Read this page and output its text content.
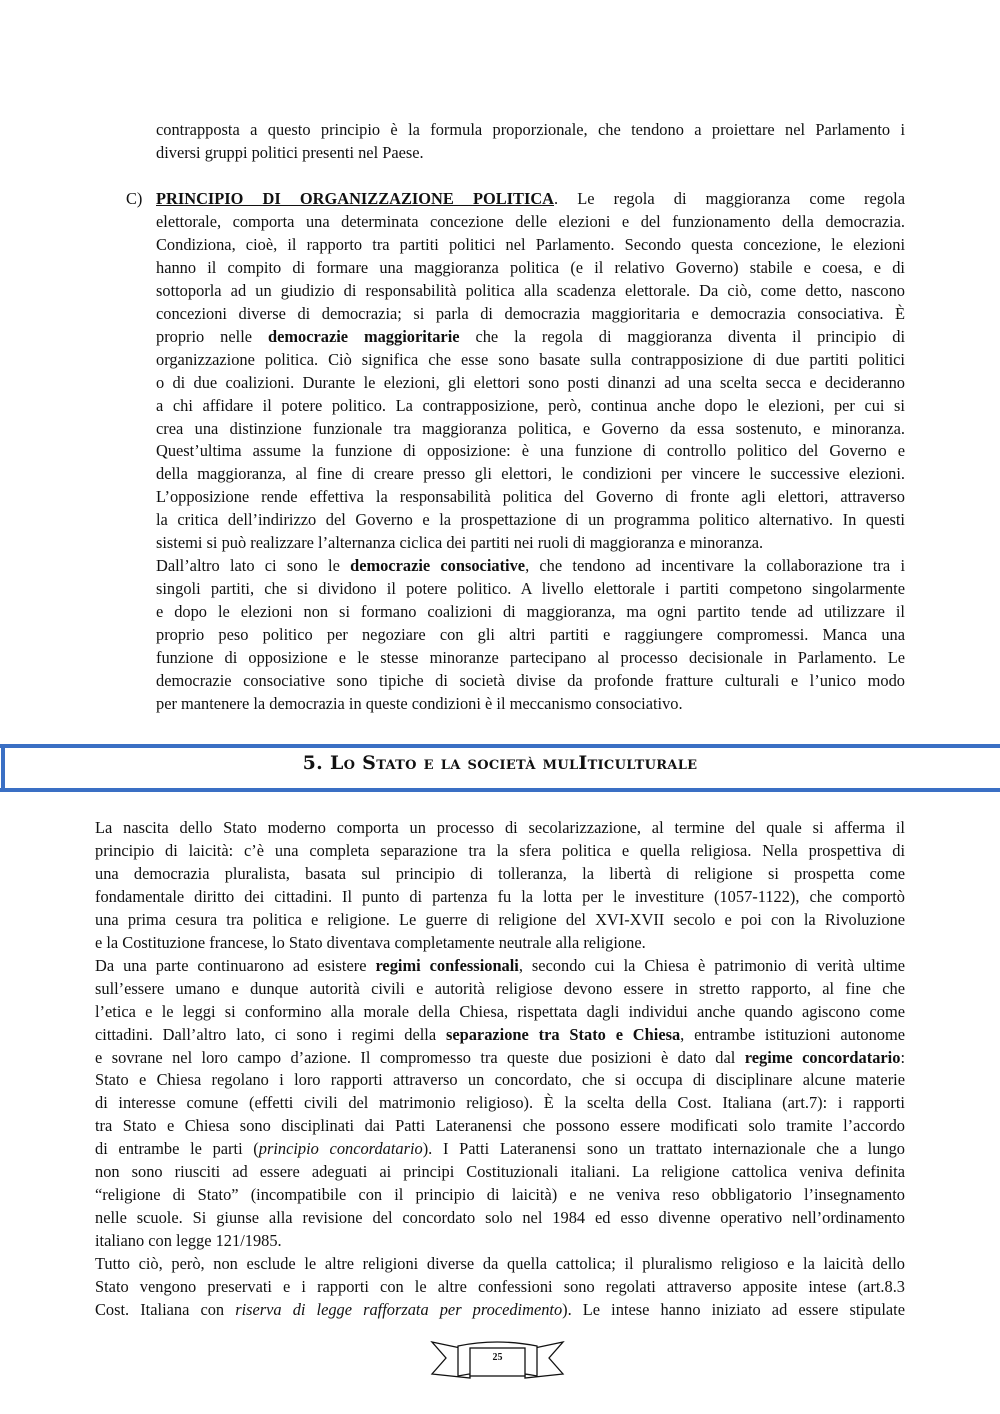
contrapposta a questo principio è la formula proporzionale, che tendono a proiettare nel Parlamento i
diversi gruppi politici presenti nel Paese.
C) PRINCIPIO DI ORGANIZZAZIONE POLITICA. Le regola di maggioranza come regola
elettorale, comporta una determinata concezione delle elezioni e del funzionamento della democrazia.
Condiziona, cioè, il rapporto tra partiti politici nel Parlamento. Secondo questa concezione, le elezioni
hanno il compito di formare una maggioranza politica (e il relativo Governo) stabile e coesa, e di
sottoporla ad un giudizio di responsabilità politica alla scadenza elettorale. Da ciò, come detto, nascono
concezioni diverse di democrazia; si parla di democrazia maggioritaria e democrazia consociativa. È
proprio nelle democrazie maggioritarie che la regola di maggioranza diventa il principio di
organizzazione politica. Ciò significa che esse sono basate sulla contrapposizione di due partiti politici
o di due coalizioni. Durante le elezioni, gli elettori sono posti dinanzi ad una scelta secca e decideranno
a chi affidare il potere politico. La contrapposizione, però, continua anche dopo le elezioni, per cui si
crea una distinzione funzionale tra maggioranza politica, e Governo da essa sostenuto, e minoranza.
Quest’ultima assume la funzione di opposizione: è una funzione di controllo politico del Governo e
della maggioranza, al fine di creare presso gli elettori, le condizioni per vincere le successive elezioni.
L’opposizione rende effettiva la responsabilità politica del Governo di fronte agli elettori, attraverso
la critica dell’indirizzo del Governo e la prospettazione di un programma politico alternativo. In questi
sistemi si può realizzare l’alternanza ciclica dei partiti nei ruoli di maggioranza e minoranza.
Dall’altro lato ci sono le democrazie consociative, che tendono ad incentivare la collaborazione tra i
singoli partiti, che si dividono il potere politico. A livello elettorale i partiti competono singolarmente
e dopo le elezioni non si formano coalizioni di maggioranza, ma ogni partito tende ad utilizzare il
proprio peso politico per negoziare con gli altri partiti e raggiungere compromessi. Manca una
funzione di opposizione e le stesse minoranze partecipano al processo decisionale in Parlamento. Le
democrazie consociative sono tipiche di società divise da profonde fratture culturali e l’unico modo
per mantenere la democrazia in queste condizioni è il meccanismo consociativo.
5. Lo Stato e la società mulIticulturale
La nascita dello Stato moderno comporta un processo di secolarizzazione, al termine del quale si afferma il
principio di laicità: c’è una completa separazione tra la sfera politica e quella religiosa. Nella prospettiva di
una democrazia pluralista, basata sul principio di tolleranza, la libertà di religione si prospetta come
fondamentale diritto dei cittadini. Il punto di partenza fu la lotta per le investiture (1057-1122), che comportò
una prima cesura tra politica e religione. Le guerre di religione del XVI-XVII secolo e poi con la Rivoluzione
e la Costituzione francese, lo Stato diventava completamente neutrale alla religione.
Da una parte continuarono ad esistere regimi confessionali, secondo cui la Chiesa è patrimonio di verità ultime
sull’essere umano e dunque autorità civili e autorità religiose devono essere in stretto rapporto, al fine che
l’etica e le leggi si conformino alla morale della Chiesa, rispettata dagli individui anche quando agiscono come
cittadini. Dall’altro lato, ci sono i regimi della separazione tra Stato e Chiesa, entrambe istituzioni autonome
e sovrane nel loro campo d’azione. Il compromesso tra queste due posizioni è dato dal regime concordatario:
Stato e Chiesa regolano i loro rapporti attraverso un concordato, che si occupa di disciplinare alcune materie
di interesse comune (effetti civili del matrimonio religioso). È la scelta della Cost. Italiana (art.7): i rapporti
tra Stato e Chiesa sono disciplinati dai Patti Lateranensi che possono essere modificati solo tramite l’accordo
di entrambe le parti (principio concordatario). I Patti Lateranensi sono un trattato internazionale che a lungo
non sono riusciti ad essere adeguati ai principi Costituzionali italiani. La religione cattolica veniva definita
“religione di Stato” (incompatibile con il principio di laicità) e ne veniva reso obbligatorio l’insegnamento
nelle scuole. Si giunse alla revisione del concordato solo nel 1984 ed esso divenne operativo nell’ordinamento
italiano con legge 121/1985.
Tutto ciò, però, non esclude le altre religioni diverse da quella cattolica; il pluralismo religioso e la laicità dello
Stato vengono preservati e i rapporti con le altre confessioni sono regolati attraverso apposite intese (art.8.3
Cost. Italiana con riserva di legge rafforzata per procedimento). Le intese hanno iniziato ad essere stipulate
25
